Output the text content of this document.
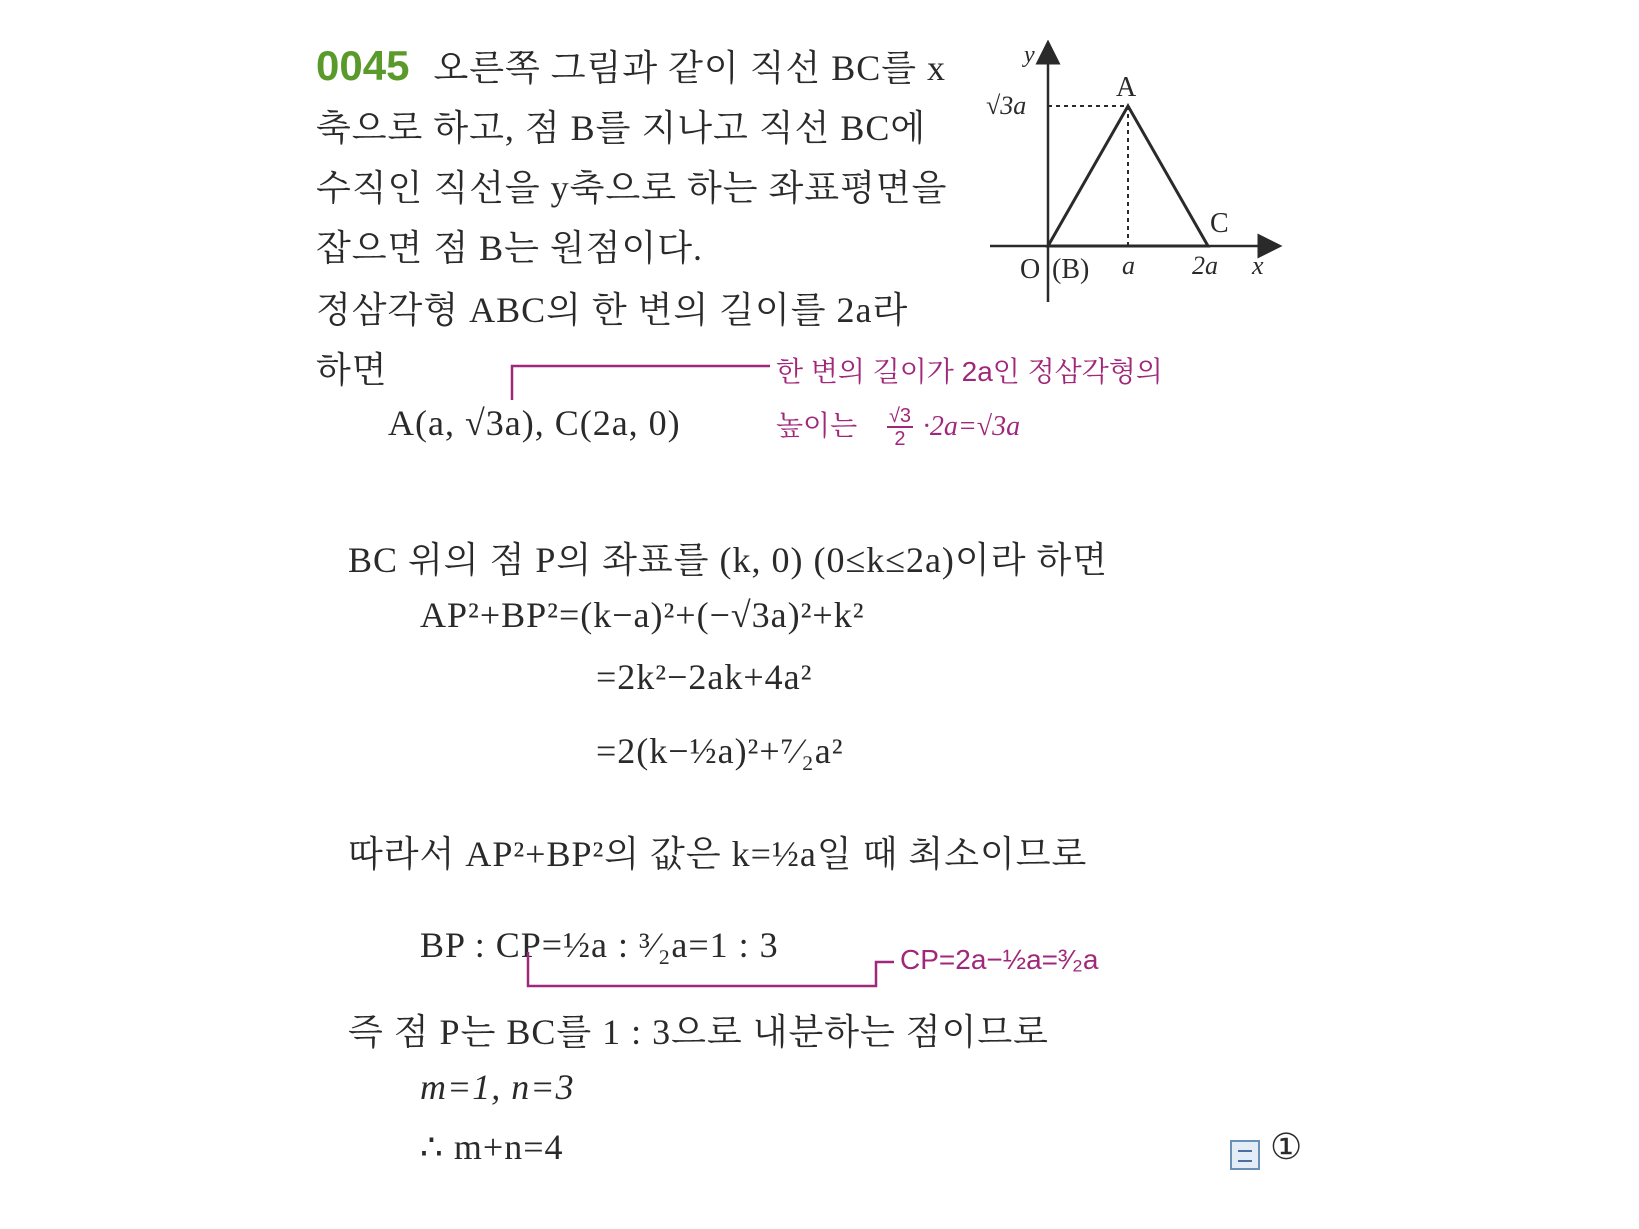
0045 오른쪽 그림과 같이 직선 BC를 x
축으로 하고, 점 B를 지나고 직선 BC에
수직인 직선을 y축으로 하는 좌표평면을
잡으면 점 B는 원점이다.
정삼각형 ABC의 한 변의 길이를 2a라
하면
A(a, √3a), C(2a, 0)
한 변의 길이가 2a인 정삼각형의
높이는 $\frac{√3}{2} \cdot 2a=√3a$
y
√3a
A
C
O (B) a 2a x
BC 위의 점 P의 좌표를 (k, 0) (0≤k≤2a)이라 하면
AP²+BP²=(k−a)²+(−√3a)²+k²
=2k²−2ak+4a²
=2(k−½a)²+⁷⁄₂a²
따라서 AP²+BP²의 값은 k=½a일 때 최소이므로
BP : CP=½a : ³⁄₂a=1 : 3	CP=2a−½a=³⁄₂a
즉 점 P는 BC를 1 : 3으로 내분하는 점이므로
m=1, n=3
∴ m+n=4	①
